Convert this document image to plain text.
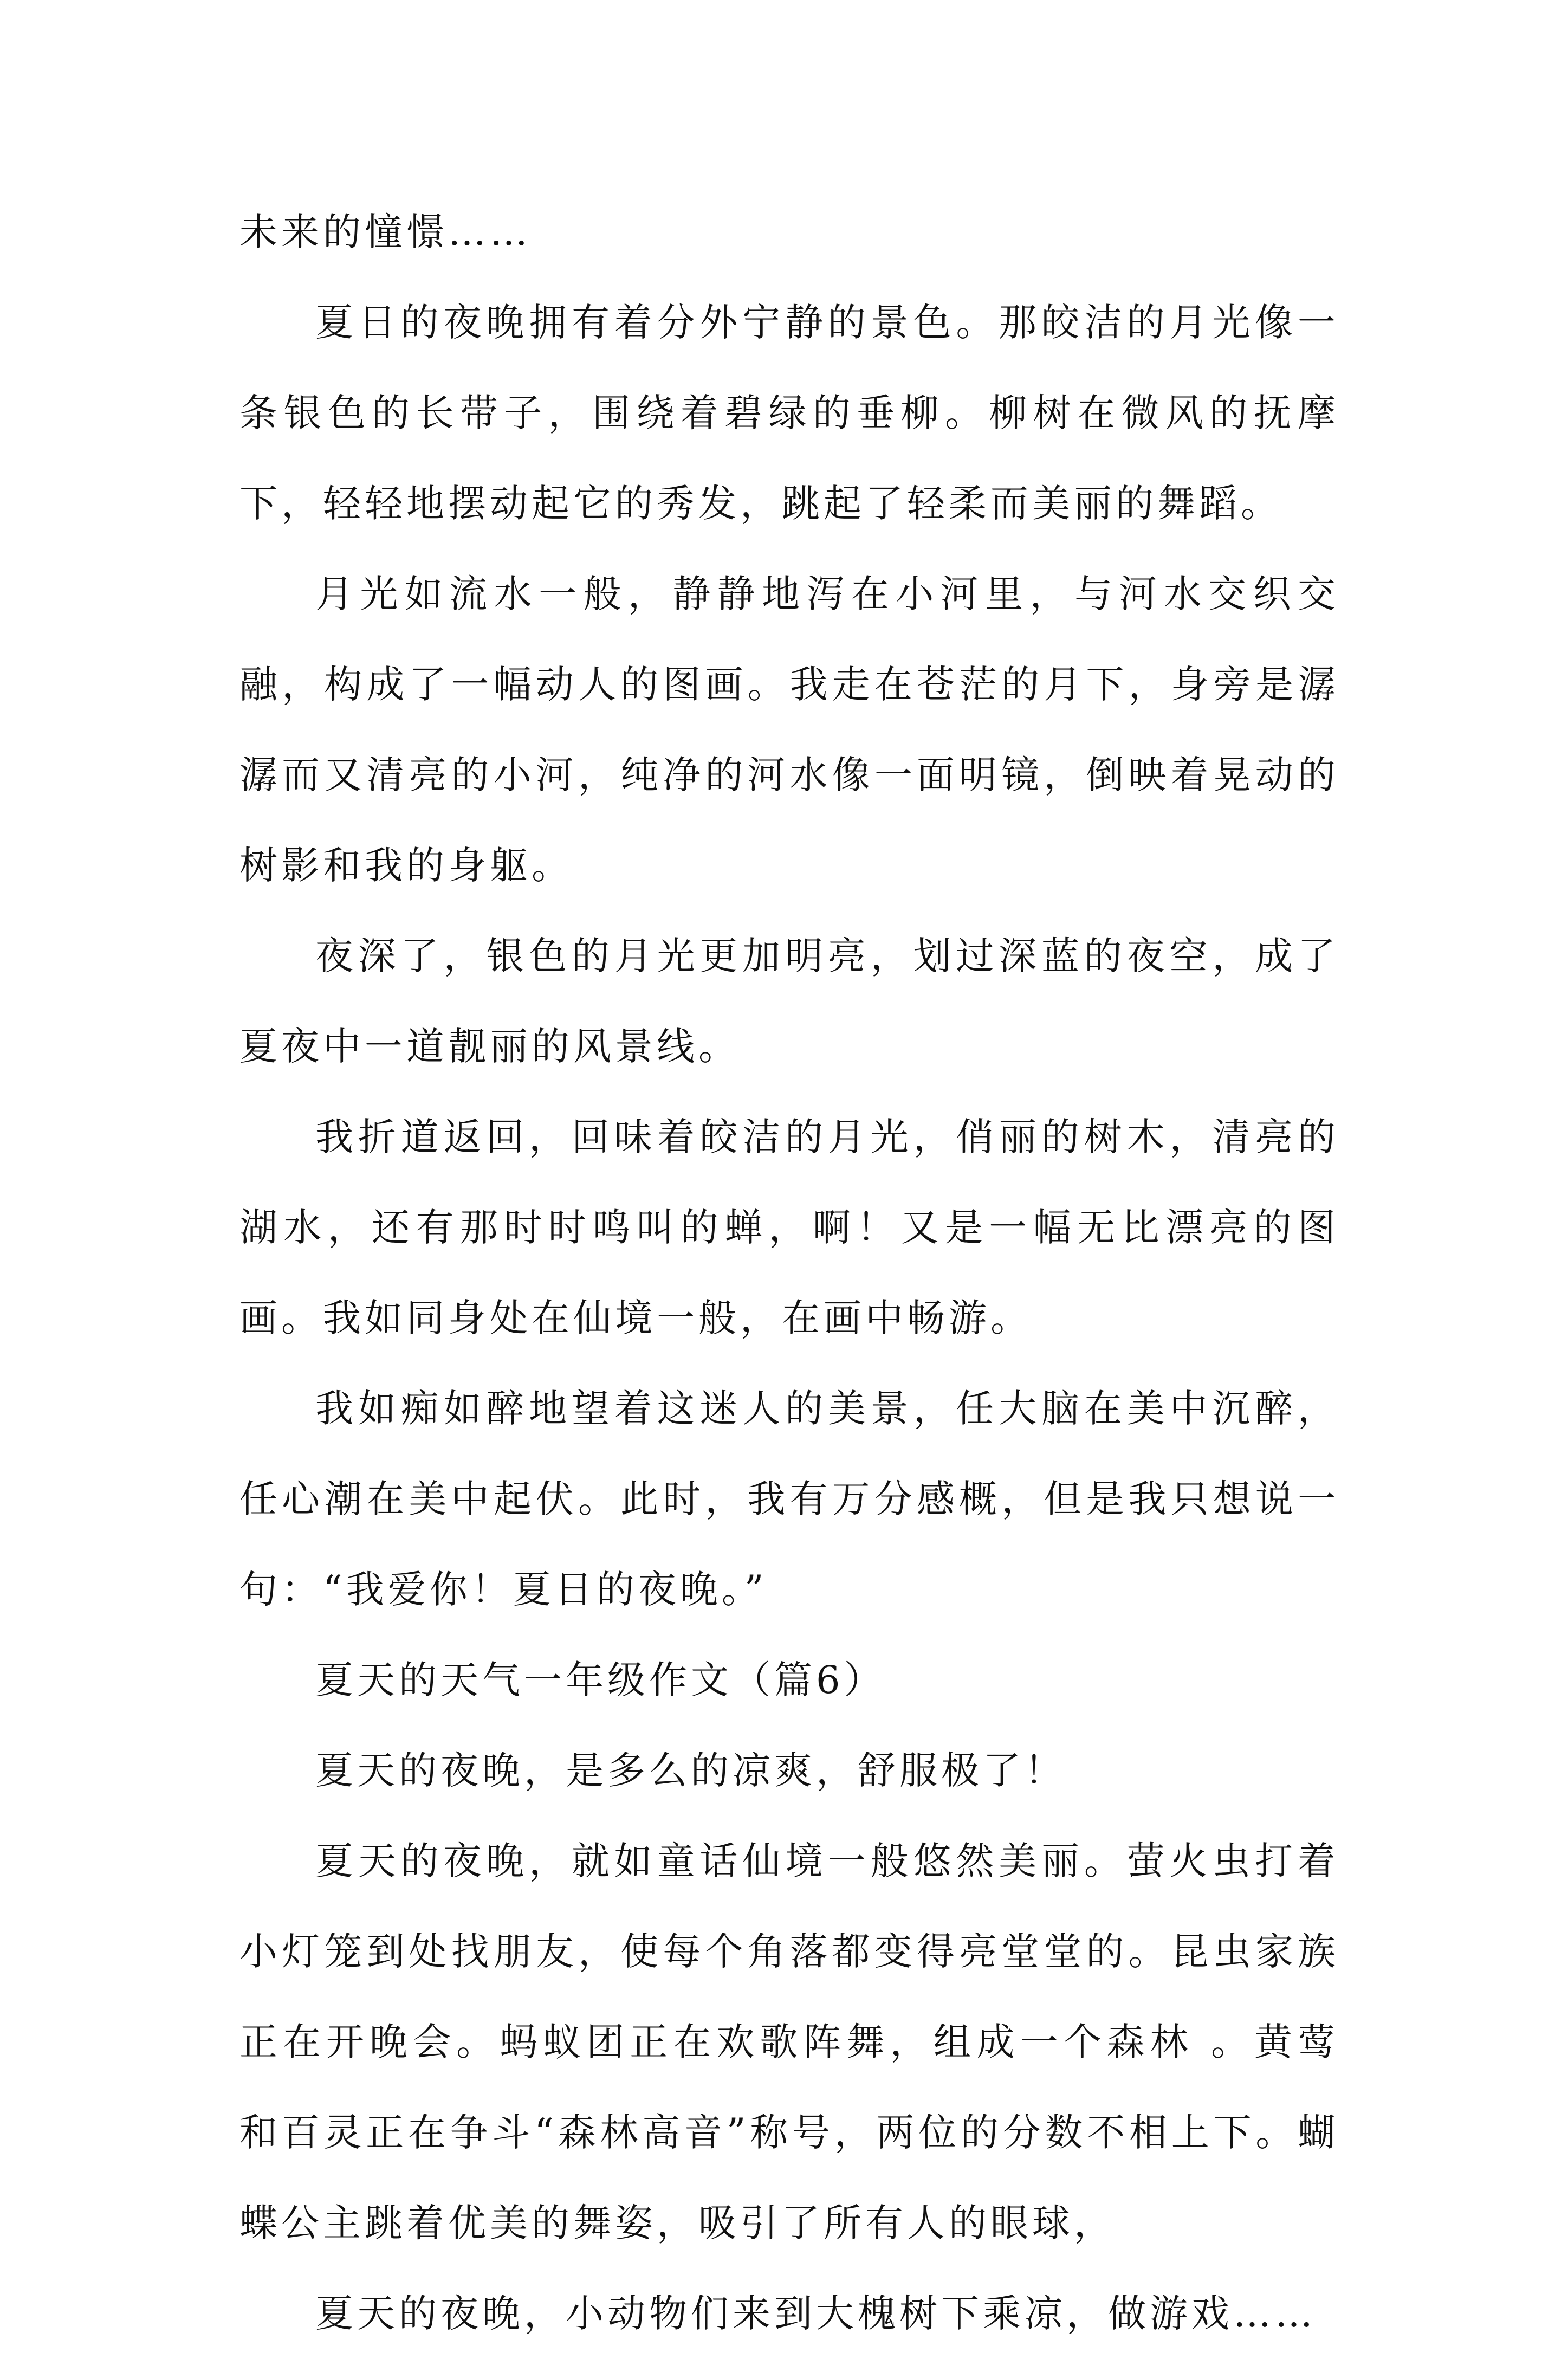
未来的憧憬……

夏日的夜晚拥有着分外宁静的景色。那皎洁的月光像一条银色的长带子，围绕着碧绿的垂柳。柳树在微风的抚摩下，轻轻地摆动起它的秀发，跳起了轻柔而美丽的舞蹈。

月光如流水一般，静静地泻在小河里，与河水交织交融，构成了一幅动人的图画。我走在苍茫的月下，身旁是潺潺而又清亮的小河，纯净的河水像一面明镜，倒映着晃动的树影和我的身躯。

夜深了，银色的月光更加明亮，划过深蓝的夜空，成了夏夜中一道靓丽的风景线。

我折道返回，回味着皎洁的月光，俏丽的树木，清亮的湖水，还有那时时鸣叫的蝉，啊！又是一幅无比漂亮的图画。我如同身处在仙境一般，在画中畅游。

我如痴如醉地望着这迷人的美景，任大脑在美中沉醉，任心潮在美中起伏。此时，我有万分感概，但是我只想说一句：“我爱你！夏日的夜晚。”

夏天的天气一年级作文（篇6）

夏天的夜晚，是多么的凉爽，舒服极了！

夏天的夜晚，就如童话仙境一般悠然美丽。萤火虫打着小灯笼到处找朋友，使每个角落都变得亮堂堂的。昆虫家族正在开晚会。蚂蚁团正在欢歌阵舞，组成一个森林 。黄莺和百灵正在争斗“森林高音”称号，两位的分数不相上下。蝴蝶公主跳着优美的舞姿，吸引了所有人的眼球，

夏天的夜晚，小动物们来到大槐树下乘凉，做游戏……
